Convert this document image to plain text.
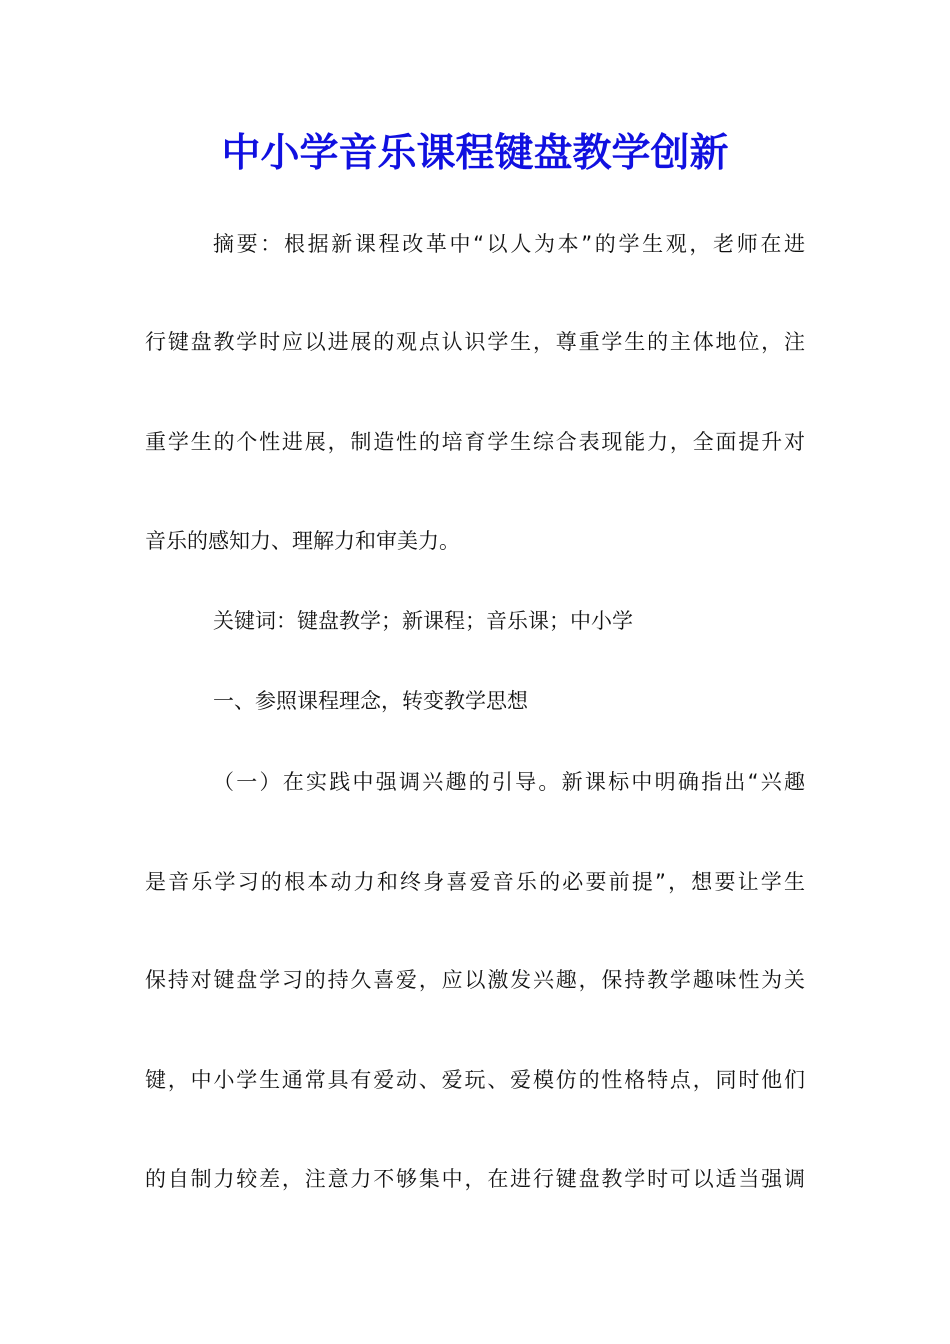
中小学音乐课程键盘教学创新
摘要：根据新课程改革中“以人为本”的学生观，老师在进
行键盘教学时应以进展的观点认识学生，尊重学生的主体地位，注
重学生的个性进展，制造性的培育学生综合表现能力，全面提升对
音乐的感知力、理解力和审美力。
关键词：键盘教学；新课程；音乐课；中小学
一、参照课程理念，转变教学思想
（一）在实践中强调兴趣的引导。新课标中明确指出“兴趣
是音乐学习的根本动力和终身喜爱音乐的必要前提”，想要让学生
保持对键盘学习的持久喜爱，应以激发兴趣，保持教学趣味性为关
键，中小学生通常具有爱动、爱玩、爱模仿的性格特点，同时他们
的自制力较差，注意力不够集中，在进行键盘教学时可以适当强调
